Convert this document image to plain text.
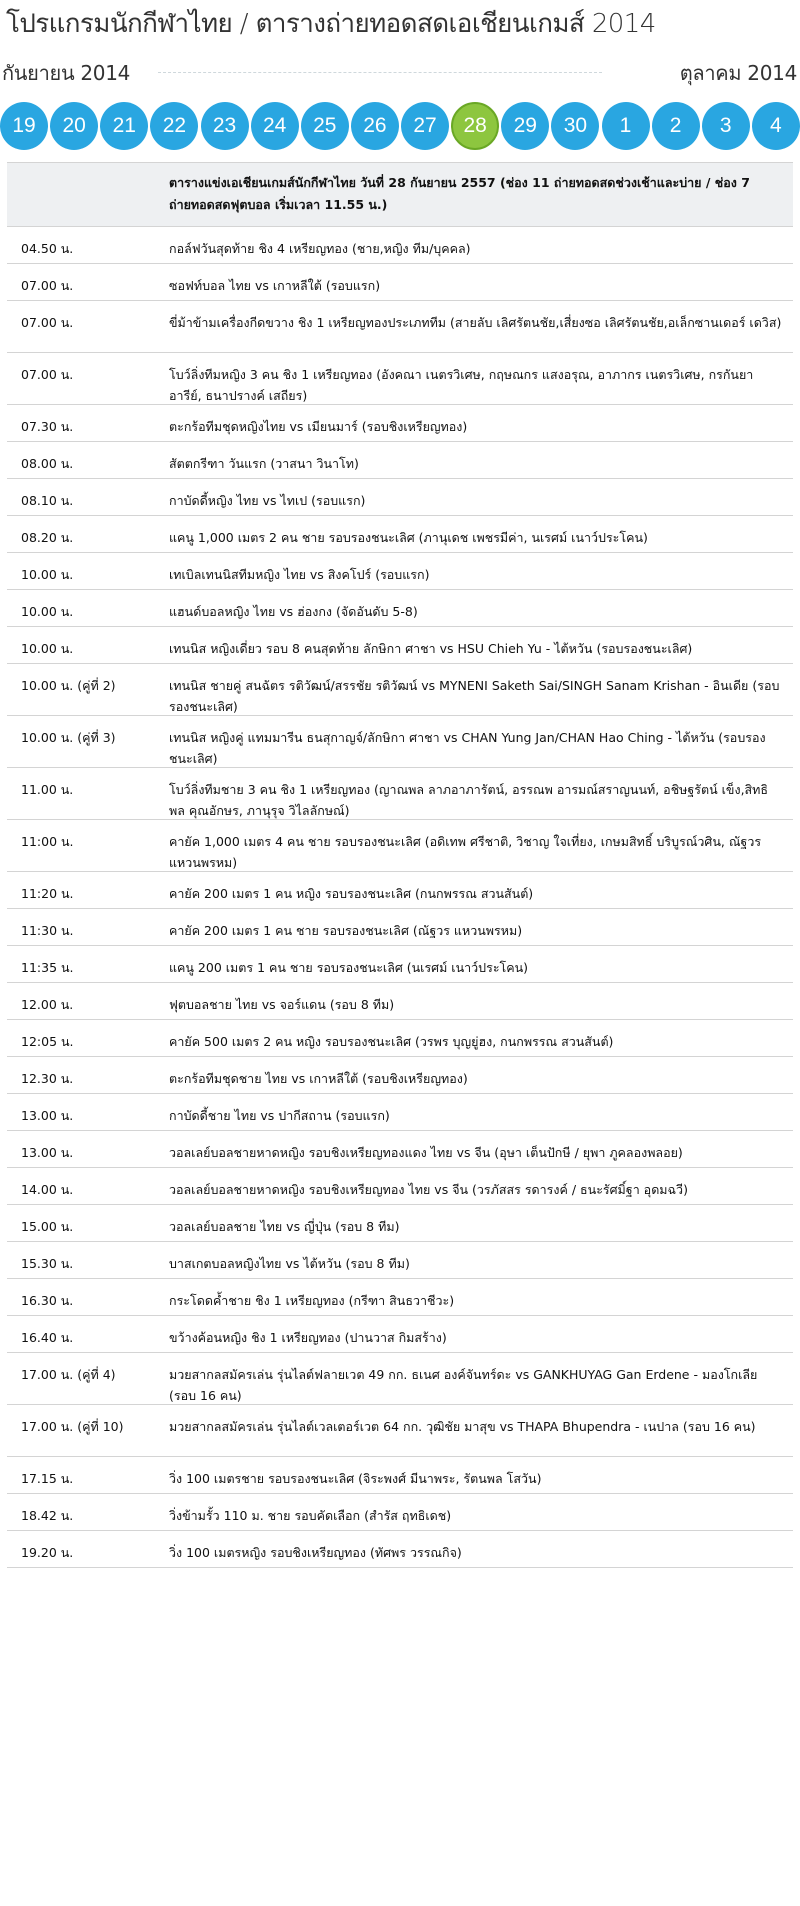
โปรแกรมนักกีฬาไทย / ตารางถ่ายทอดสดเอเชียนเกมส์ 2014
กันยายน 2014	ตุลาคม 2014
19	20	21	22	23	24	25	26	27	28	29	30	1	2	3	4
ตารางแข่งเอเชียนเกมส์นักกีฬาไทย วันที่ 28 กันยายน 2557 (ช่อง 11 ถ่ายทอดสดช่วงเช้าและบ่าย / ช่อง 7 ถ่ายทอดสดฟุตบอล เริ่มเวลา 11.55 น.)
04.50 น.	กอล์ฟวันสุดท้าย ชิง 4 เหรียญทอง (ชาย,หญิง ทีม/บุคคล)
07.00 น.	ซอฟท์บอล ไทย vs เกาหลีใต้ (รอบแรก)
07.00 น.	ขี่ม้าข้ามเครื่องกีดขวาง ชิง 1 เหรียญทองประเภททีม (สายลับ เลิศรัตนชัย,เสี่ยงซอ เลิศรัตนชัย,อเล็กซานเดอร์ เดวิส)
07.00 น.	โบว์ลิ่งทีมหญิง 3 คน ชิง 1 เหรียญทอง (อังคณา เนตรวิเศษ, กฤษณกร แสงอรุณ, อาภากร เนตรวิเศษ, กรกันยา อารีย์, ธนาปรางค์ เสถียร)
07.30 น.	ตะกร้อทีมชุดหญิงไทย vs เมียนมาร์ (รอบชิงเหรียญทอง)
08.00 น.	สัตตกรีฑา วันแรก (วาสนา วินาโท)
08.10 น.	กาบัดดี้หญิง ไทย vs ไทเป (รอบแรก)
08.20 น.	แคนู 1,000 เมตร 2 คน ชาย รอบรองชนะเลิศ (ภานุเดช เพชรมีค่า, นเรศม์ เนาว์ประโคน)
10.00 น.	เทเบิลเทนนิสทีมหญิง ไทย vs สิงคโปร์ (รอบแรก)
10.00 น.	แฮนด์บอลหญิง ไทย vs ฮ่องกง (จัดอันดับ 5-8)
10.00 น.	เทนนิส หญิงเดี่ยว รอบ 8 คนสุดท้าย ลักษิกา ศาชา vs HSU Chieh Yu - ไต้หวัน (รอบรองชนะเลิศ)
10.00 น. (คู่ที่ 2)	เทนนิส ชายคู่ สนฉัตร รติวัฒน์/สรรชัย รติวัฒน์ vs MYNENI Saketh Sai/SINGH Sanam Krishan - อินเดีย (รอบรองชนะเลิศ)
10.00 น. (คู่ที่ 3)	เทนนิส หญิงคู่ แทมมารีน ธนสุกาญจ์/ลักษิกา ศาชา vs CHAN Yung Jan/CHAN Hao Ching - ไต้หวัน (รอบรองชนะเลิศ)
11.00 น.	โบว์ลิ่งทีมชาย 3 คน ชิง 1 เหรียญทอง (ญาณพล ลาภอาภารัตน์, อรรณพ อารมณ์สราญนนท์, อชิษฐรัตน์ เข็ง,สิทธิพล คุณอักษร, ภานุรุจ วิไลลักษณ์)
11:00 น.	คายัค 1,000 เมตร 4 คน ชาย รอบรองชนะเลิศ (อดิเทพ ศรีชาติ, วิชาญ ใจเที่ยง, เกษมสิทธิ์ บริบูรณ์วศิน, ณัฐวร แหวนพรหม)
11:20 น.	คายัค 200 เมตร 1 คน หญิง รอบรองชนะเลิศ (กนกพรรณ สวนสันต์)
11:30 น.	คายัค 200 เมตร 1 คน ชาย รอบรองชนะเลิศ (ณัฐวร แหวนพรหม)
11:35 น.	แคนู 200 เมตร 1 คน ชาย รอบรองชนะเลิศ (นเรศม์ เนาว์ประโคน)
12.00 น.	ฟุตบอลชาย ไทย vs จอร์แดน (รอบ 8 ทีม)
12:05 น.	คายัค 500 เมตร 2 คน หญิง รอบรองชนะเลิศ (วรพร บุญยู่ฮง, กนกพรรณ สวนสันต์)
12.30 น.	ตะกร้อทีมชุดชาย ไทย vs เกาหลีใต้ (รอบชิงเหรียญทอง)
13.00 น.	กาบัดดี้ชาย ไทย vs ปากีสถาน (รอบแรก)
13.00 น.	วอลเลย์บอลชายหาดหญิง รอบชิงเหรียญทองแดง ไทย vs จีน (อุษา เต็นปักษี / ยุพา ภูคลองพลอย)
14.00 น.	วอลเลย์บอลชายหาดหญิง รอบชิงเหรียญทอง ไทย vs จีน (วรภัสสร รดารงค์ / ธนะรัศมิ์ฐา อุดมฉวี)
15.00 น.	วอลเลย์บอลชาย ไทย vs ญี่ปุ่น (รอบ 8 ทีม)
15.30 น.	บาสเกตบอลหญิงไทย vs ไต้หวัน (รอบ 8 ทีม)
16.30 น.	กระโดดค้ำชาย ชิง 1 เหรียญทอง (กรีฑา สินธวาชีวะ)
16.40 น.	ขว้างค้อนหญิง ชิง 1 เหรียญทอง (ปานวาส กิมสร้าง)
17.00 น. (คู่ที่ 4)	มวยสากลสมัครเล่น รุ่นไลต์ฟลายเวต 49 กก. ธเนศ องค์จันทร์ดะ vs GANKHUYAG Gan Erdene - มองโกเลีย (รอบ 16 คน)
17.00 น. (คู่ที่ 10)	มวยสากลสมัครเล่น รุ่นไลต์เวลเตอร์เวต 64 กก. วุฒิชัย มาสุข vs THAPA Bhupendra - เนปาล (รอบ 16 คน)
17.15 น.	วิ่ง 100 เมตรชาย รอบรองชนะเลิศ (จิระพงศ์ มีนาพระ, รัตนพล โสวัน)
18.42 น.	วิ่งข้ามรั้ว 110 ม. ชาย รอบคัดเลือก (สำรัส ฤทธิเดช)
19.20 น.	วิ่ง 100 เมตรหญิง รอบชิงเหรียญทอง (ทัศพร วรรณกิจ)
